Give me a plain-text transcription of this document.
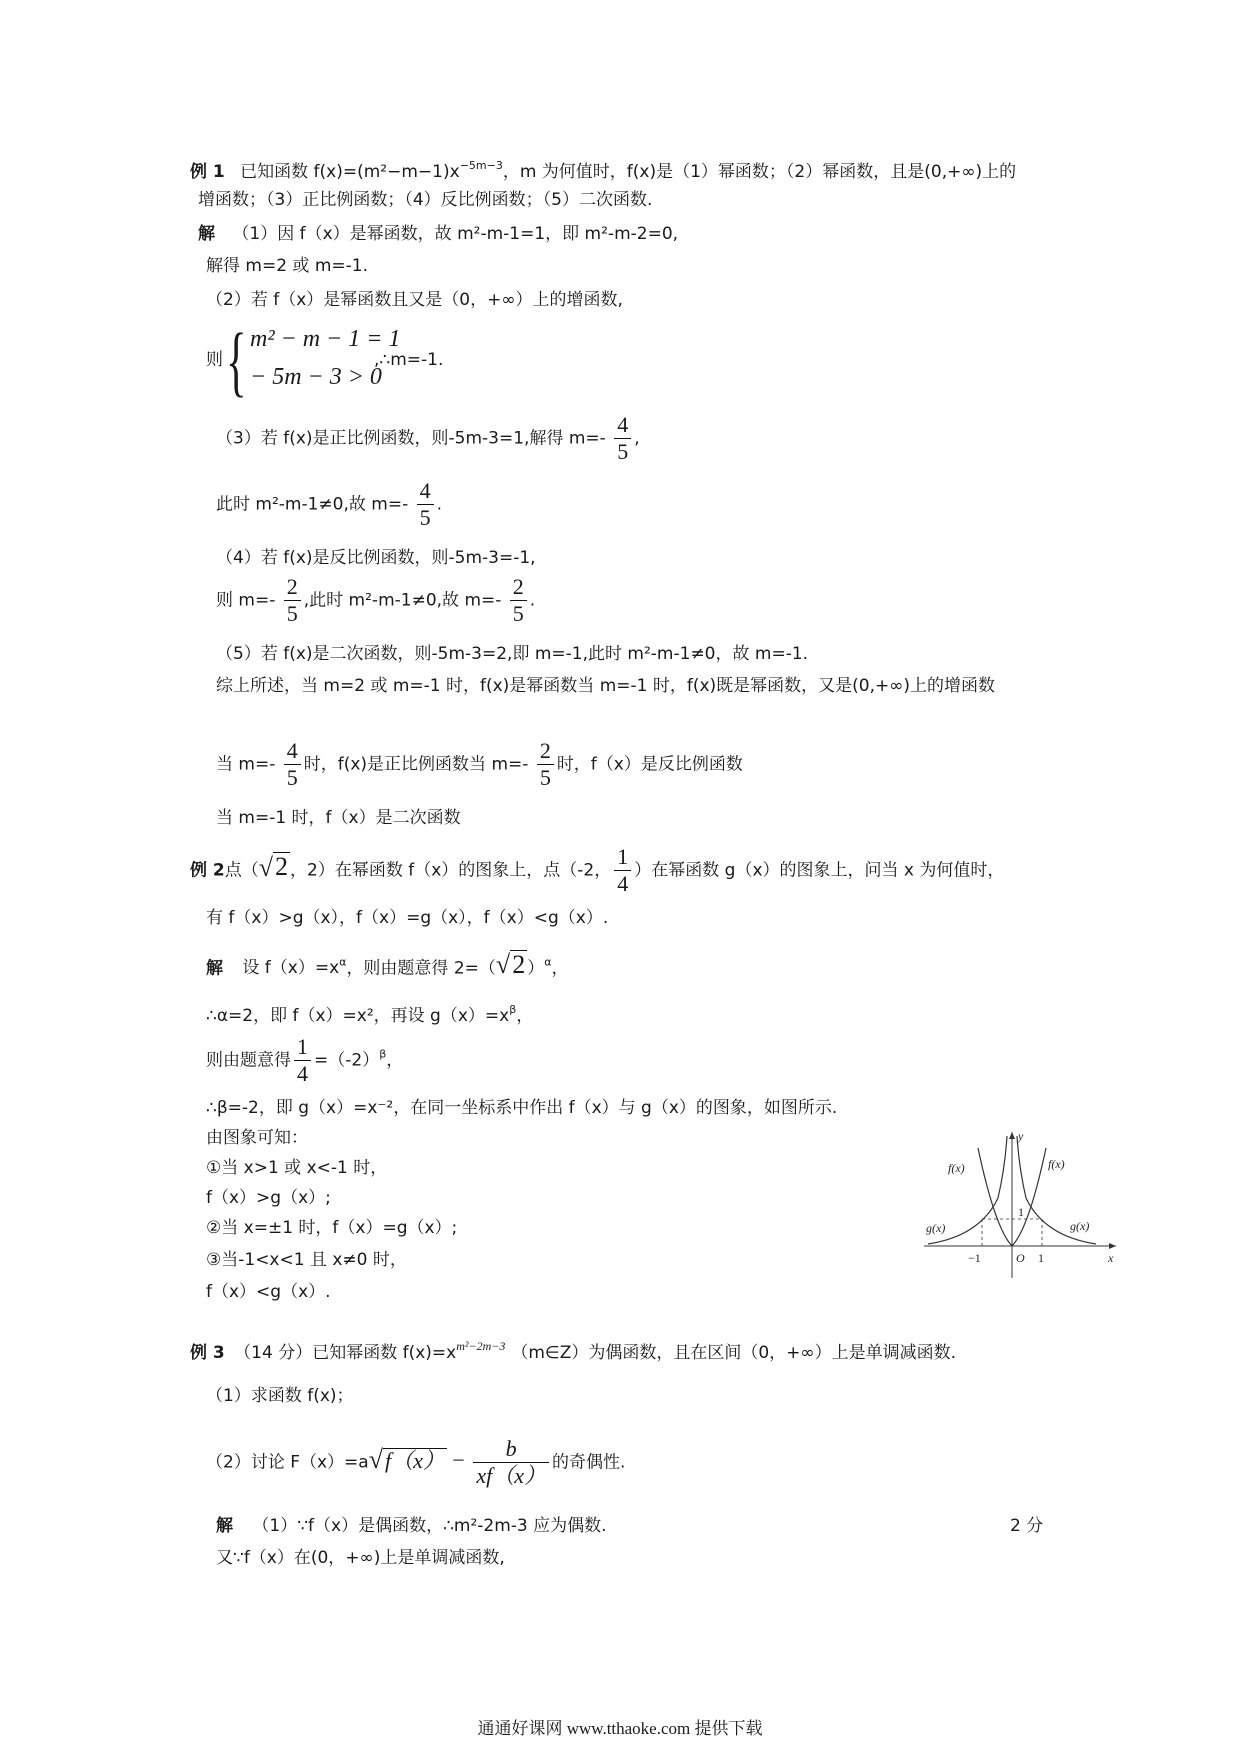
例 1 已知函数 $f(x)=(m^2-m-1)x^{-5m-3}$，m 为何值时，f(x)是（1）幂函数；（2）幂函数，且是(0,+∞)上的
增函数；（3）正比例函数；（4）反比例函数；（5）二次函数.
解 （1）因 f（x）是幂函数，故 m²-m-1=1，即 m²-m-2=0,
解得 m=2 或 m=-1.
（2）若 f（x）是幂函数且又是（0，+∞）上的增函数,
则 { m² − m − 1 = 1
− 5m − 3 > 0
,∴m=-1.
（3）若 f(x)是正比例函数，则-5m-3=1,解得 $m=- \frac{4}{5}$ ,
此时 m²-m-1≠0,故 $m=- \frac{4}{5}$ .
（4）若 f(x)是反比例函数，则-5m-3=-1,
则 $m=- \frac{2}{5}$ ,此时 m²-m-1≠0,故 $m=- \frac{2}{5}$ .
（5）若 f(x)是二次函数，则-5m-3=2,即 m=-1,此时 m²-m-1≠0，故 m=-1.
综上所述，当 m=2 或 m=-1 时，f(x)是幂函数当 m=-1 时，f(x)既是幂函数，又是(0,+∞)上的增函数
当 $m=- \frac{4}{5}$ 时，f(x)是正比例函数当 $m=- \frac{2}{5}$ 时，f（x）是反比例函数
当 m=-1 时，f（x）是二次函数
例 2点（ √ 2 ，2）在幂函数 f（x）的图象上，点（-2， $\frac{1}{4}$ ）在幂函数 g（x）的图象上，问当 x 为何值时，
有 f（x）>g（x），f（x）=g（x），f（x）<g（x）.
解 设 $f(x)=x^\alpha$，则由题意得 2=（ √ 2 ）$^\alpha$，
∴α=2，即 f（x）=x²，再设 $g(x)=x^\beta$，
则由题意得 $\frac{1}{4} =(-2)^\beta$，
∴β=-2，即 g（x）=x⁻²，在同一坐标系中作出 f（x）与 g（x）的图象，如图所示.
由图象可知：
①当 x>1 或 x<-1 时，
f（x）>g（x）;
②当 x=±1 时，f（x）=g（x）;
③当-1<x<1 且 x≠0 时，
f（x）<g（x）.
y
x
f(x)	f(x)
g(x)	g(x)
1
−1	O 1
例 3 （14 分）已知幂函数 $f(x)=x^{m^2-2m-3}$ （m∈Z）为偶函数，且在区间（0，+∞）上是单调减函数.
（1）求函数 f(x)；
（2）讨论 F（x）=a √ $f(x) - \frac{b}{xf(x)}$ 的奇偶性.
解 （1）∵f（x）是偶函数，∴m²-2m-3 应为偶数.	2 分
又∵f（x）在(0，+∞)上是单调减函数,
通通好课网 www.tthaoke.com 提供下载
